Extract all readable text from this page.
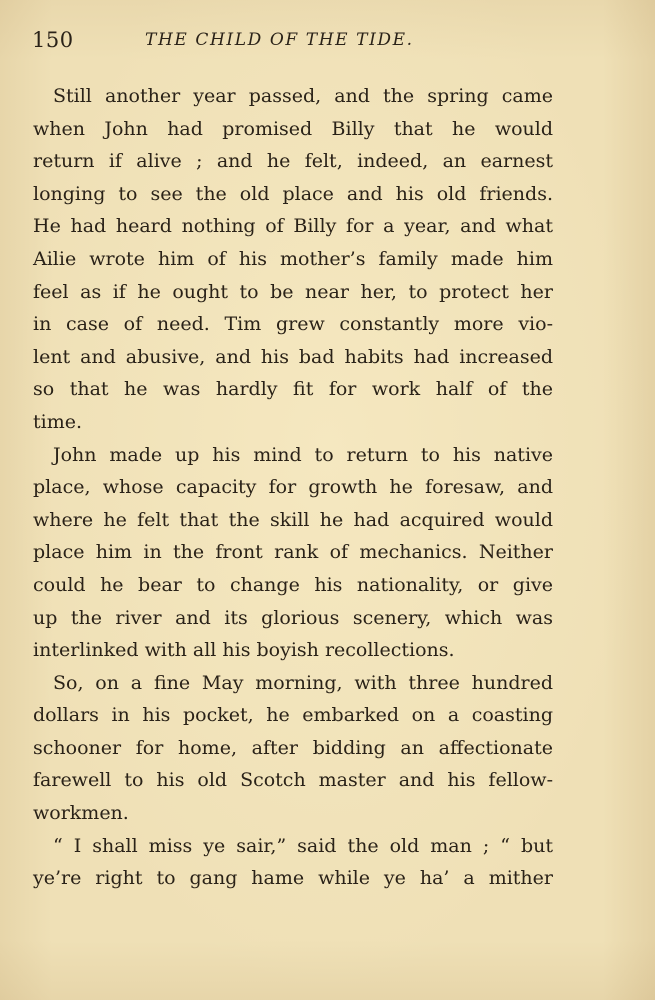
150	THE CHILD OF THE TIDE.
Still another year passed, and the spring came
when John had promised Billy that he would
return if alive ; and he felt, indeed, an earnest
longing to see the old place and his old friends.
He had heard nothing of Billy for a year, and what
Ailie wrote him of his mother’s family made him
feel as if he ought to be near her, to protect her
in case of need. Tim grew constantly more vio-
lent and abusive, and his bad habits had increased
so that he was hardly fit for work half of the
time.
John made up his mind to return to his native
place, whose capacity for growth he foresaw, and
where he felt that the skill he had acquired would
place him in the front rank of mechanics. Neither
could he bear to change his nationality, or give
up the river and its glorious scenery, which was
interlinked with all his boyish recollections.
So, on a fine May morning, with three hundred
dollars in his pocket, he embarked on a coasting
schooner for home, after bidding an affectionate
farewell to his old Scotch master and his fellow-
workmen.
“ I shall miss ye sair,” said the old man ; “ but
ye’re right to gang hame while ye ha’ a mither
